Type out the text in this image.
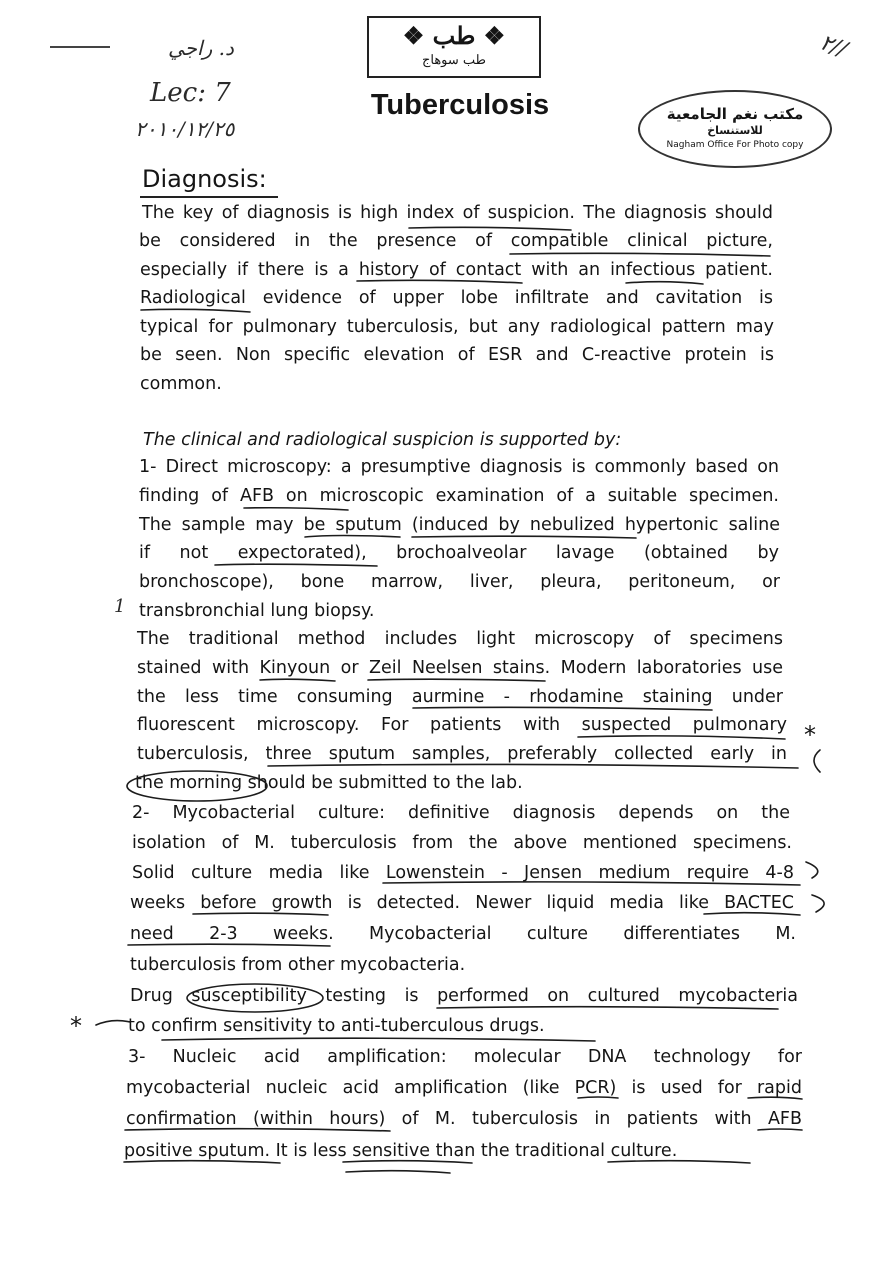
د. راجي
Lec: 7
٢٠١٠/١٢/٢٥
٢//
❖ طب ❖
طب سوهاج
Tuberculosis	مكتب نغم الجامعية
للاستنساخ
Nagham Office For Photo copy
Diagnosis:

The key of diagnosis is high index of suspicion. The diagnosis should

be considered in the presence of compatible clinical picture,

especially if there is a history of contact with an infectious patient.

Radiological evidence of upper lobe infiltrate and cavitation is

typical for pulmonary tuberculosis, but any radiological pattern may

be seen. Non specific elevation of ESR and C-reactive protein is

common.

The clinical and radiological suspicion is supported by:

1- Direct microscopy: a presumptive diagnosis is commonly based on

finding of AFB on microscopic examination of a suitable specimen.

The sample may be sputum (induced by nebulized hypertonic saline

if not expectorated), brochoalveolar lavage (obtained by

bronchoscope), bone marrow, liver, pleura, peritoneum, or

transbronchial lung biopsy.

The traditional method includes light microscopy of specimens

stained with Kinyoun or Zeil Neelsen stains. Modern laboratories use

the less time consuming aurmine - rhodamine staining under

fluorescent microscopy. For patients with suspected pulmonary

tuberculosis, three sputum samples, preferably collected early in

the morning should be submitted to the lab.

2- Mycobacterial culture: definitive diagnosis depends on the

isolation of M. tuberculosis from the above mentioned specimens.

Solid culture media like Lowenstein - Jensen medium require 4-8

weeks before growth is detected. Newer liquid media like BACTEC

need 2-3 weeks. Mycobacterial culture differentiates M.

tuberculosis from other mycobacteria.

Drug susceptibility testing is performed on cultured mycobacteria

to confirm sensitivity to anti-tuberculous drugs.

3- Nucleic acid amplification: molecular DNA technology for

mycobacterial nucleic acid amplification (like PCR) is used for rapid

confirmation (within hours) of M. tuberculosis in patients with AFB

positive sputum. It is less sensitive than the traditional culture.

*
*
1
